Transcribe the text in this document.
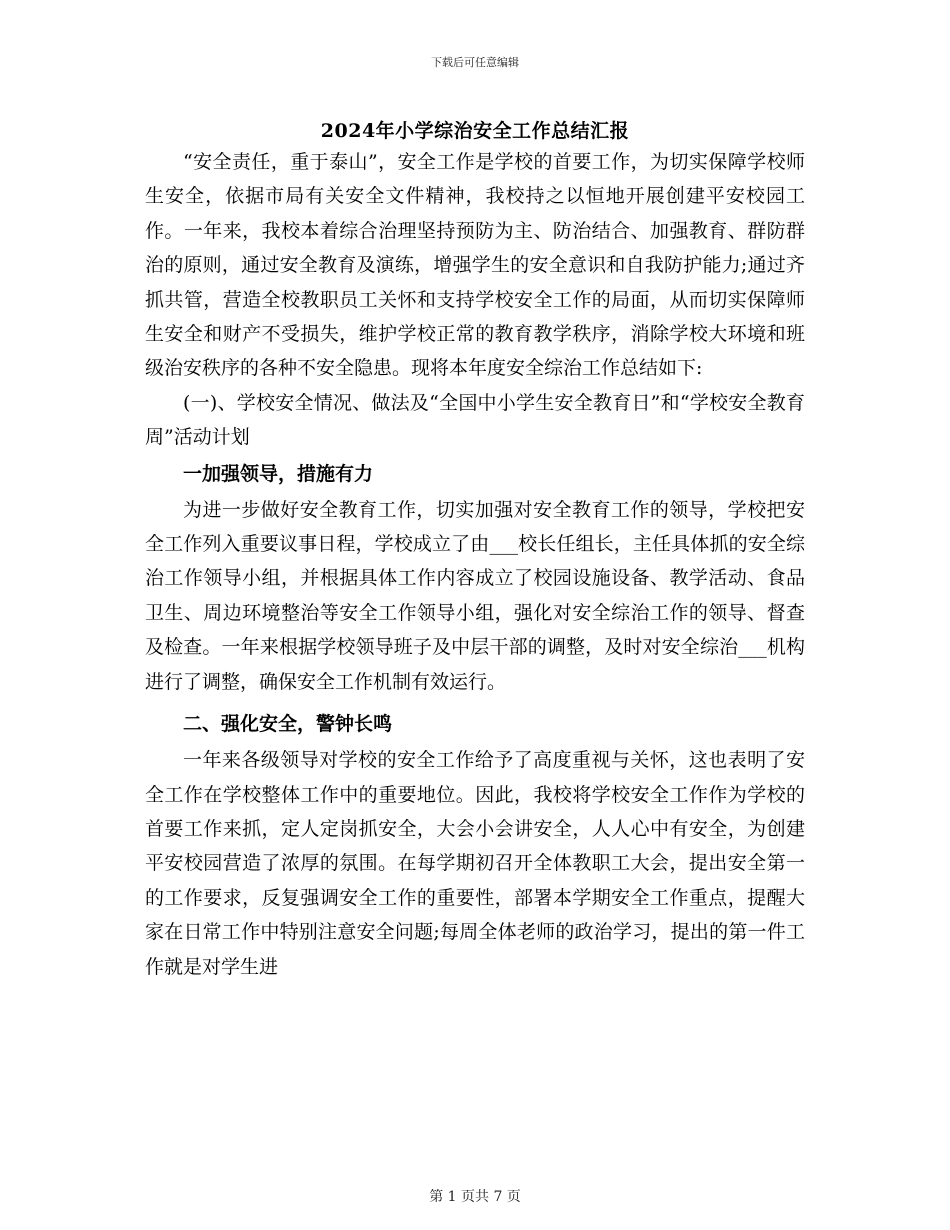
下载后可任意编辑
2024年小学综治安全工作总结汇报

“安全责任，重于泰山”，安全工作是学校的首要工作，为切实保障学校师生安全，依据市局有关安全文件精神，我校持之以恒地开展创建平安校园工作。一年来，我校本着综合治理坚持预防为主、防治结合、加强教育、群防群治的原则，通过安全教育及演练，增强学生的安全意识和自我防护能力;通过齐抓共管，营造全校教职员工关怀和支持学校安全工作的局面，从而切实保障师生安全和财产不受损失，维护学校正常的教育教学秩序，消除学校大环境和班级治安秩序的各种不安全隐患。现将本年度安全综治工作总结如下:

(一)、学校安全情况、做法及“全国中小学生安全教育日”和“学校安全教育周”活动计划

一加强领导，措施有力

为进一步做好安全教育工作，切实加强对安全教育工作的领导，学校把安全工作列入重要议事日程，学校成立了由___校长任组长，主任具体抓的安全综治工作领导小组，并根据具体工作内容成立了校园设施设备、教学活动、食品卫生、周边环境整治等安全工作领导小组，强化对安全综治工作的领导、督查及检查。一年来根据学校领导班子及中层干部的调整，及时对安全综治___机构进行了调整，确保安全工作机制有效运行。

二、强化安全，警钟长鸣

一年来各级领导对学校的安全工作给予了高度重视与关怀，这也表明了安全工作在学校整体工作中的重要地位。因此，我校将学校安全工作作为学校的首要工作来抓，定人定岗抓安全，大会小会讲安全，人人心中有安全，为创建平安校园营造了浓厚的氛围。在每学期初召开全体教职工大会，提出安全第一的工作要求，反复强调安全工作的重要性，部署本学期安全工作重点，提醒大家在日常工作中特别注意安全问题;每周全体老师的政治学习，提出的第一件工作就是对学生进

第 1 页共 7 页
